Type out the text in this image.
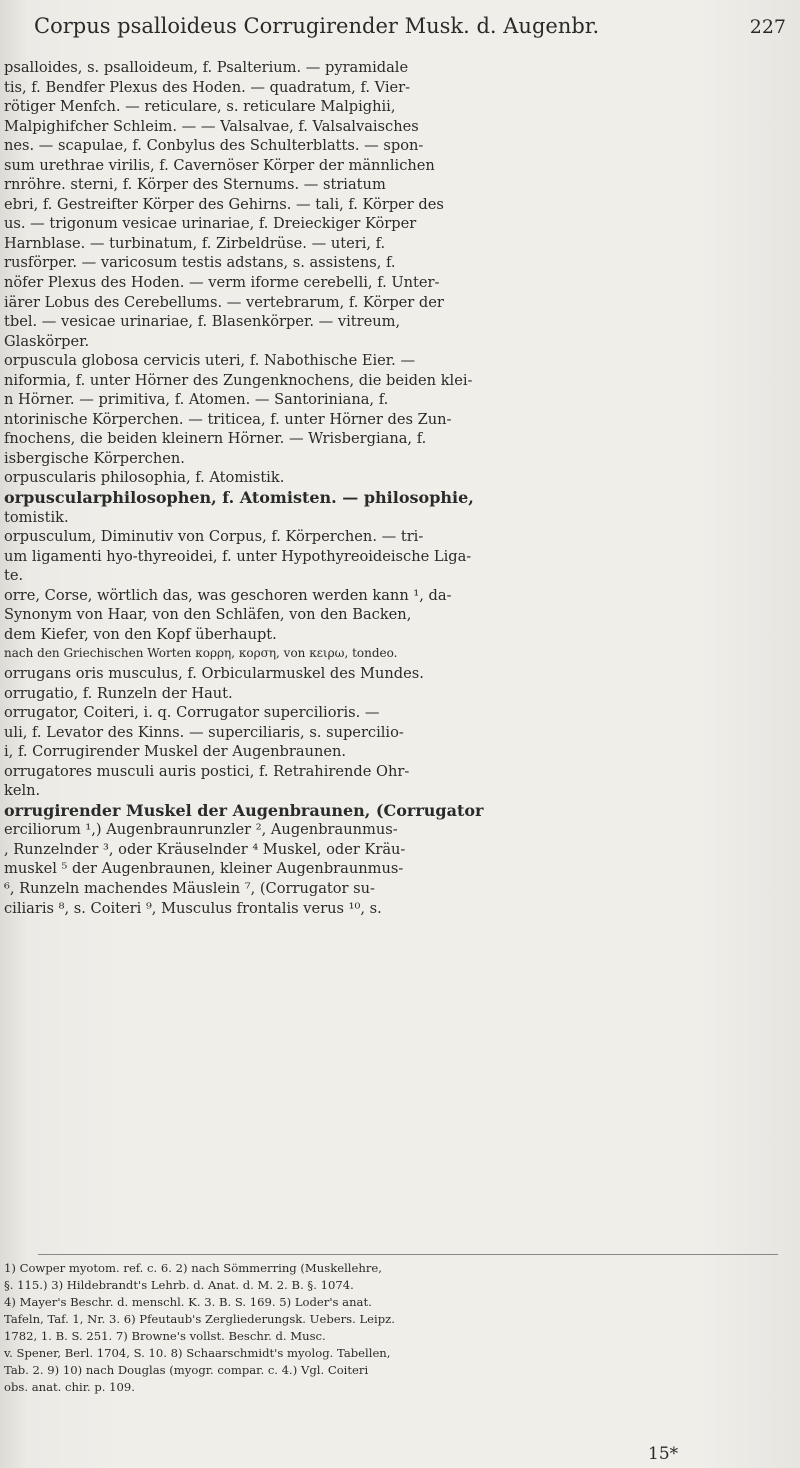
Corpus psalloideus Corrugirender Musk. d. Augenbr.	227
psalloides, s. psalloideum, f. Psalterium. — pyramidale
tis, f. Bendfer Plexus des Hoden. — quadratum, f. Vier-
rötiger Menfch. — reticulare, s. reticulare Malpighii,
Malpighifcher Schleim. — — Valsalvae, f. Valsalvaisches
nes. — scapulae, f. Conbylus des Schulterblatts. — spon-
sum urethrae virilis, f. Cavernöser Körper der männlichen
rnröhre. sterni, f. Körper des Sternums. — striatum
ebri, f. Gestreifter Körper des Gehirns. — tali, f. Körper des
us. — trigonum vesicae urinariae, f. Dreieckiger Körper
Harnblase. — turbinatum, f. Zirbeldrüse. — uteri, f.
rusförper. — varicosum testis adstans, s. assistens, f.
nöfer Plexus des Hoden. — verm iforme cerebelli, f. Unter-
iärer Lobus des Cerebellums. — vertebrarum, f. Körper der
tbel. — vesicae urinariae, f. Blasenkörper. — vitreum,
Glaskörper.
orpuscula globosa cervicis uteri, f. Nabothische Eier. —
niformia, f. unter Hörner des Zungenknochens, die beiden klei-
n Hörner. — primitiva, f. Atomen. — Santoriniana, f.
ntorinische Körperchen. — triticea, f. unter Hörner des Zun-
fnochens, die beiden kleinern Hörner. — Wrisbergiana, f.
isbergische Körperchen.
orpuscularis philosophia, f. Atomistik.
orpuscularphilosophen, f. Atomisten. — philosophie,
tomistik.
orpusculum, Diminutiv von Corpus, f. Körperchen. — tri-
um ligamenti hyo-thyreoidei, f. unter Hypothyreoideische Liga-
te.
orre, Corse, wörtlich das, was geschoren werden kann ¹, da-
Synonym von Haar, von den Schläfen, von den Backen,
dem Kiefer, von den Kopf überhaupt.
nach den Griechischen Worten κορρη, κορση, von κειρω, tondeo.
orrugans oris musculus, f. Orbicularmuskel des Mundes.
orrugatio, f. Runzeln der Haut.
orrugator, Coiteri, i. q. Corrugator supercilioris. —
uli, f. Levator des Kinns. — superciliaris, s. supercilio-
i, f. Corrugirender Muskel der Augenbraunen.
orrugatores musculi auris postici, f. Retrahirende Ohr-
keln.
orrugirender Muskel der Augenbraunen, (Corrugator
erciliorum ¹,) Augenbraunrunzler ², Augenbraunmus-
, Runzelnder ³, oder Kräuselnder ⁴ Muskel, oder Kräu-
muskel ⁵ der Augenbraunen, kleiner Augenbraunmus-
⁶, Runzeln machendes Mäuslein ⁷, (Corrugator su-
ciliaris ⁸, s. Coiteri ⁹, Musculus frontalis verus ¹⁰, s.
1) Cowper myotom. ref. c. 6. 2) nach Sömmerring (Muskellehre,
§. 115.) 3) Hildebrandt's Lehrb. d. Anat. d. M. 2. B. §. 1074.
4) Mayer's Beschr. d. menschl. K. 3. B. S. 169. 5) Loder's anat.
Tafeln, Taf. 1, Nr. 3. 6) Pfeutaub's Zergliederungsk. Uebers. Leipz.
1782, 1. B. S. 251. 7) Browne's vollst. Beschr. d. Musc.
v. Spener, Berl. 1704, S. 10. 8) Schaarschmidt's myolog. Tabellen,
Tab. 2. 9) 10) nach Douglas (myogr. compar. c. 4.) Vgl. Coiteri
obs. anat. chir. p. 109.
15*
